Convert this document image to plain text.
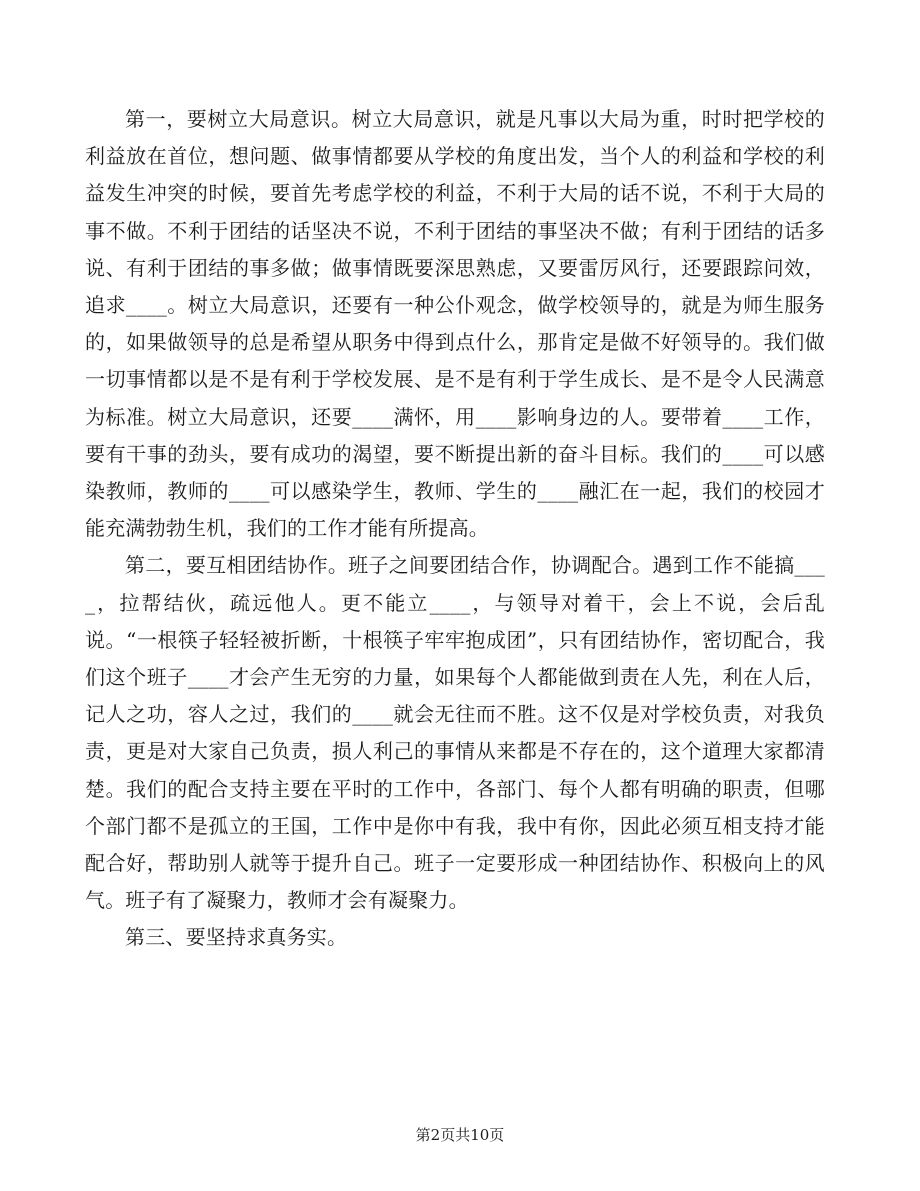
第一，要树立大局意识。树立大局意识，就是凡事以大局为重，时时把学校的利益放在首位，想问题、做事情都要从学校的角度出发，当个人的利益和学校的利益发生冲突的时候，要首先考虑学校的利益，不利于大局的话不说，不利于大局的事不做。不利于团结的话坚决不说，不利于团结的事坚决不做；有利于团结的话多说、有利于团结的事多做；做事情既要深思熟虑，又要雷厉风行，还要跟踪问效，追求____。树立大局意识，还要有一种公仆观念，做学校领导的，就是为师生服务的，如果做领导的总是希望从职务中得到点什么，那肯定是做不好领导的。我们做一切事情都以是不是有利于学校发展、是不是有利于学生成长、是不是令人民满意为标准。树立大局意识，还要____满怀，用____影响身边的人。要带着____工作，要有干事的劲头，要有成功的渴望，要不断提出新的奋斗目标。我们的____可以感染教师，教师的____可以感染学生，教师、学生的____融汇在一起，我们的校园才能充满勃勃生机，我们的工作才能有所提高。

第二，要互相团结协作。班子之间要团结合作，协调配合。遇到工作不能搞____，拉帮结伙，疏远他人。更不能立____，与领导对着干，会上不说，会后乱说。“一根筷子轻轻被折断，十根筷子牢牢抱成团”，只有团结协作，密切配合，我们这个班子____才会产生无穷的力量，如果每个人都能做到责在人先，利在人后，记人之功，容人之过，我们的____就会无往而不胜。这不仅是对学校负责，对我负责，更是对大家自己负责，损人利己的事情从来都是不存在的，这个道理大家都清楚。我们的配合支持主要在平时的工作中，各部门、每个人都有明确的职责，但哪个部门都不是孤立的王国，工作中是你中有我，我中有你，因此必须互相支持才能配合好，帮助别人就等于提升自己。班子一定要形成一种团结协作、积极向上的风气。班子有了凝聚力，教师才会有凝聚力。

第三、要坚持求真务实。

第2页共10页
